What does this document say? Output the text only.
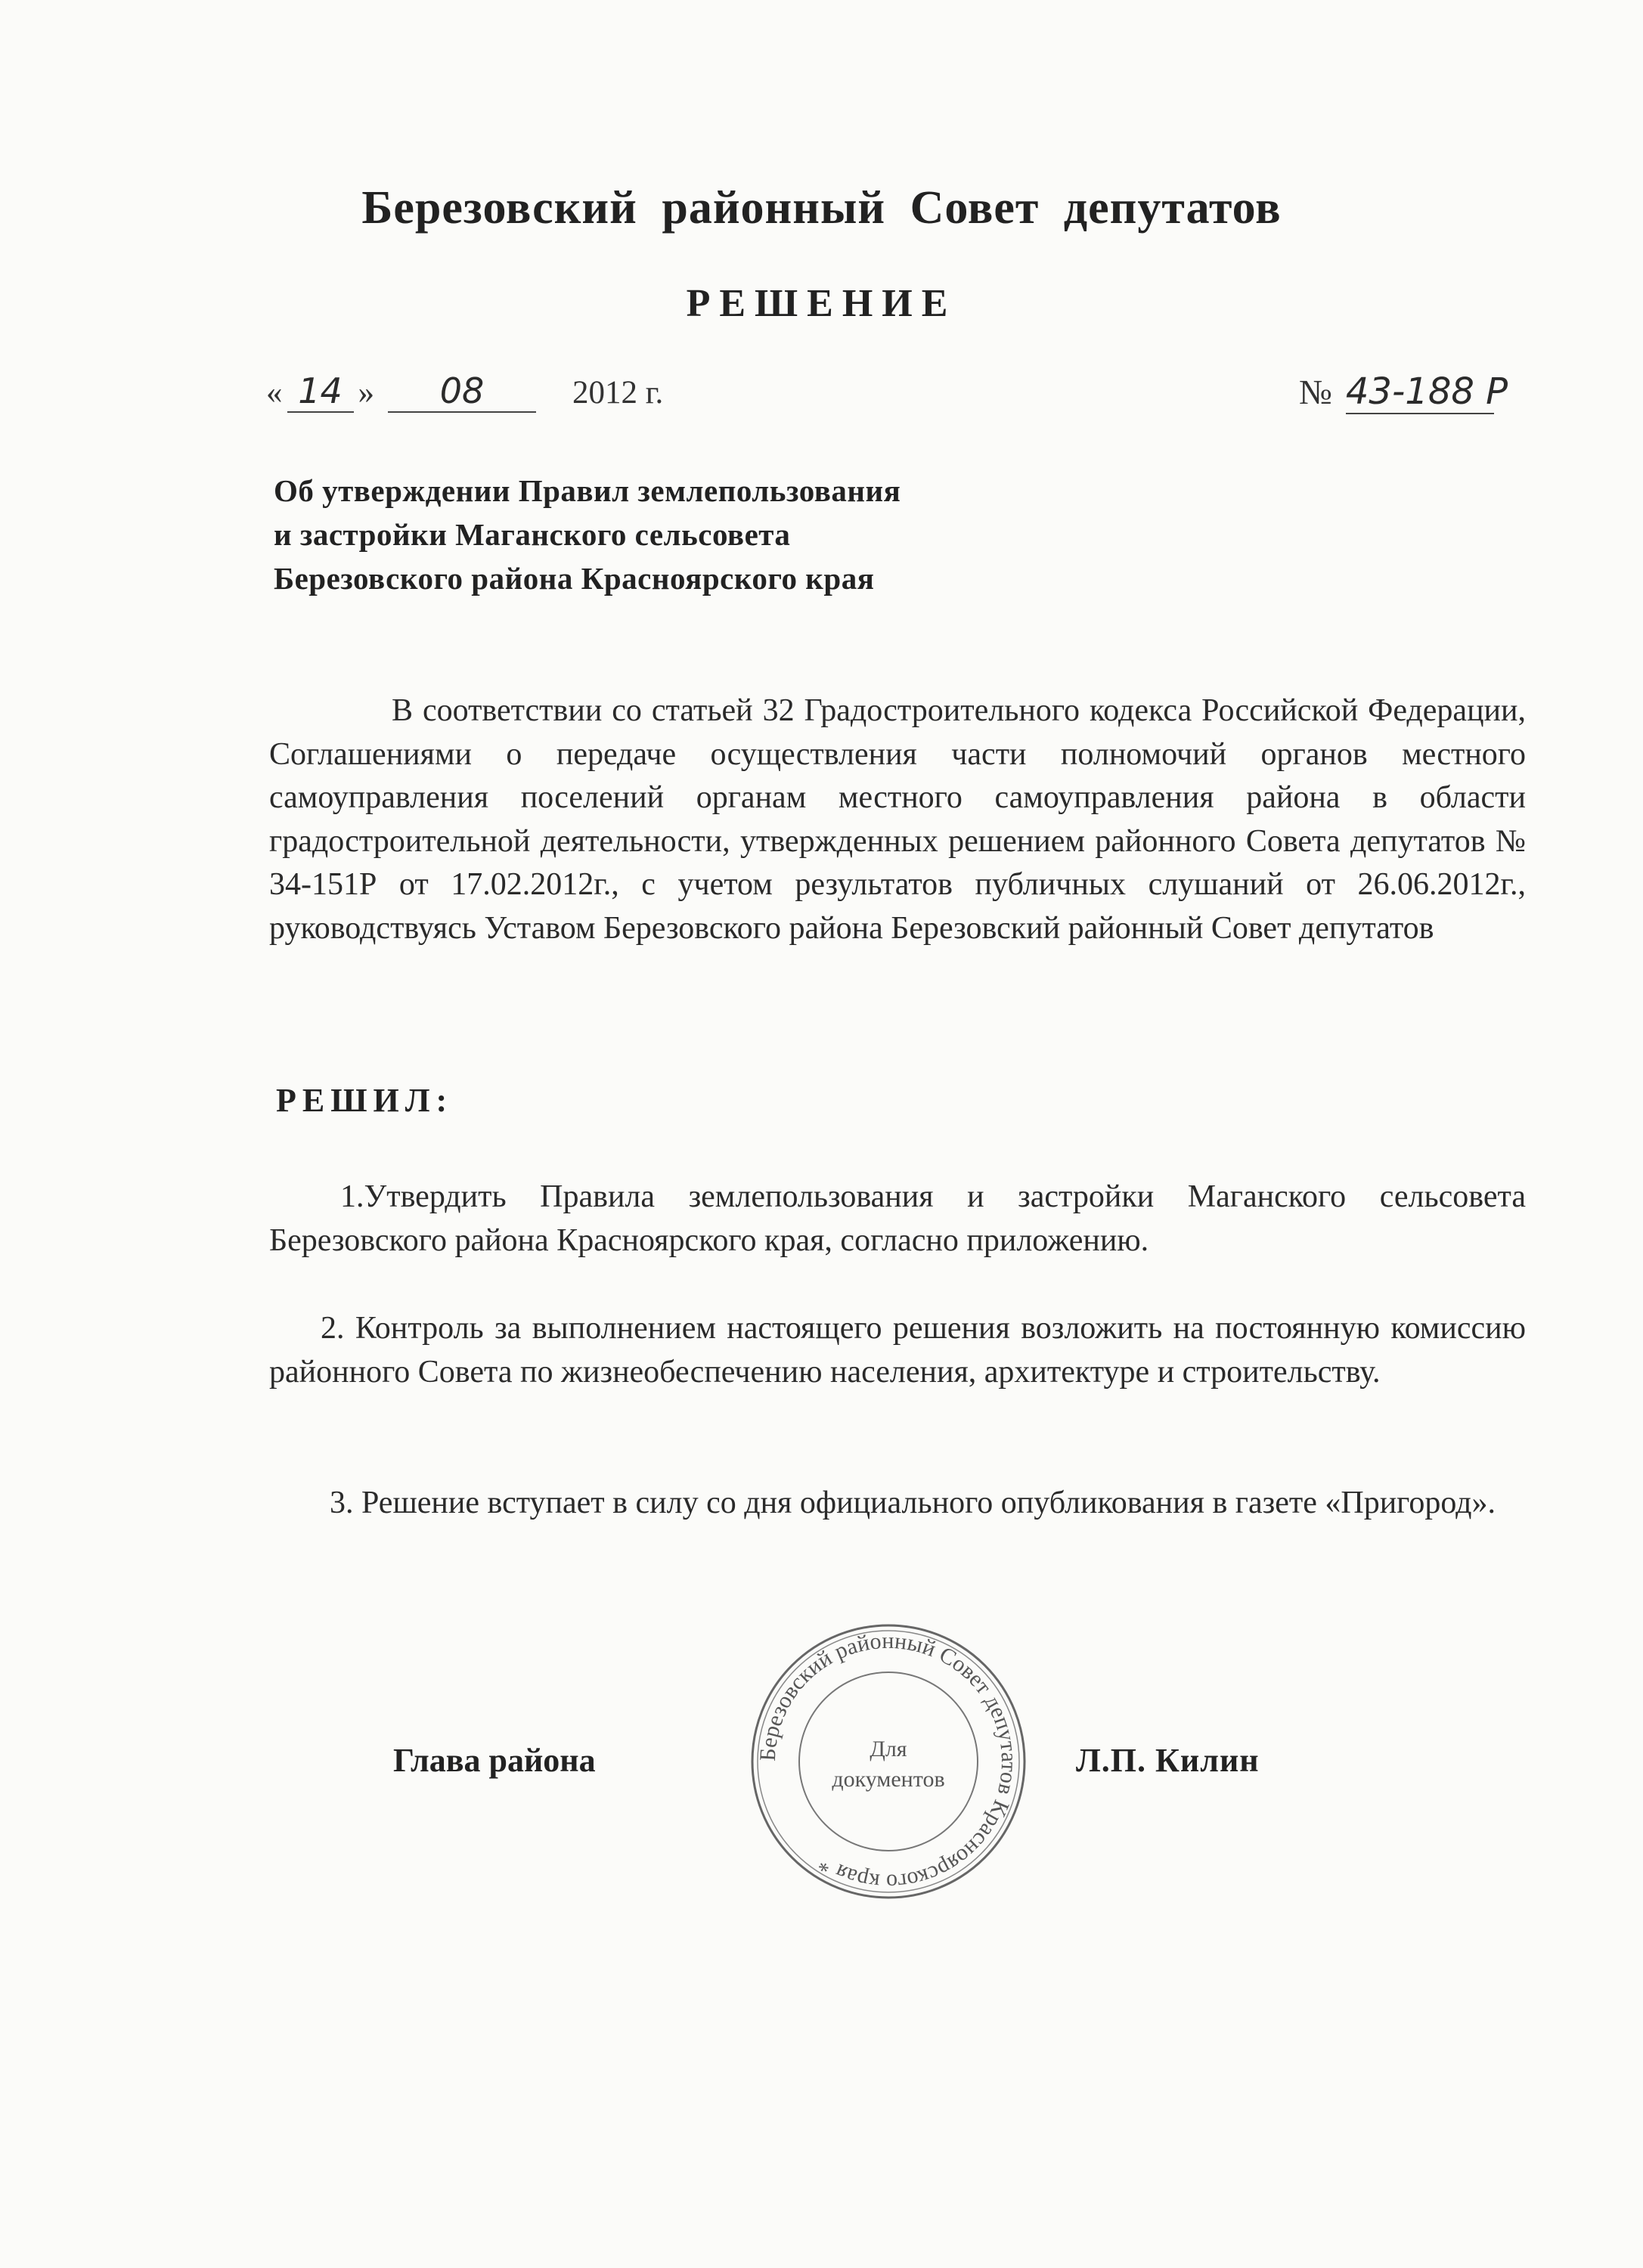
Березовский районный Совет депутатов
РЕШЕНИЕ
« 14 » 08	2012 г.	№ 43-188 Р
Об утверждении Правил землепользования
и застройки Маганского сельсовета
Березовского района Красноярского края

В соответствии со статьей 32 Градостроительного кодекса Российской Федерации, Соглашениями о передаче осуществления части полномочий органов местного самоуправления поселений органам местного самоуправления района в области градостроительной деятельности, утвержденных решением районного Совета депутатов № 34-151Р от 17.02.2012г., с учетом результатов публичных слушаний от 26.06.2012г., руководствуясь Уставом Березовского района Березовский районный Совет депутатов

РЕШИЛ:

1.Утвердить Правила землепользования и застройки Маганского сельсовета Березовского района Красноярского края, согласно приложению.

2. Контроль за выполнением настоящего решения возложить на постоянную комиссию районного Совета по жизнеобеспечению населения, архитектуре и строительству.

3. Решение вступает в силу со дня официального опубликования в газете «Пригород».

Глава района	Л.П. Килин
Березовский районный Совет депутатов Красноярского края *
Для
документов
